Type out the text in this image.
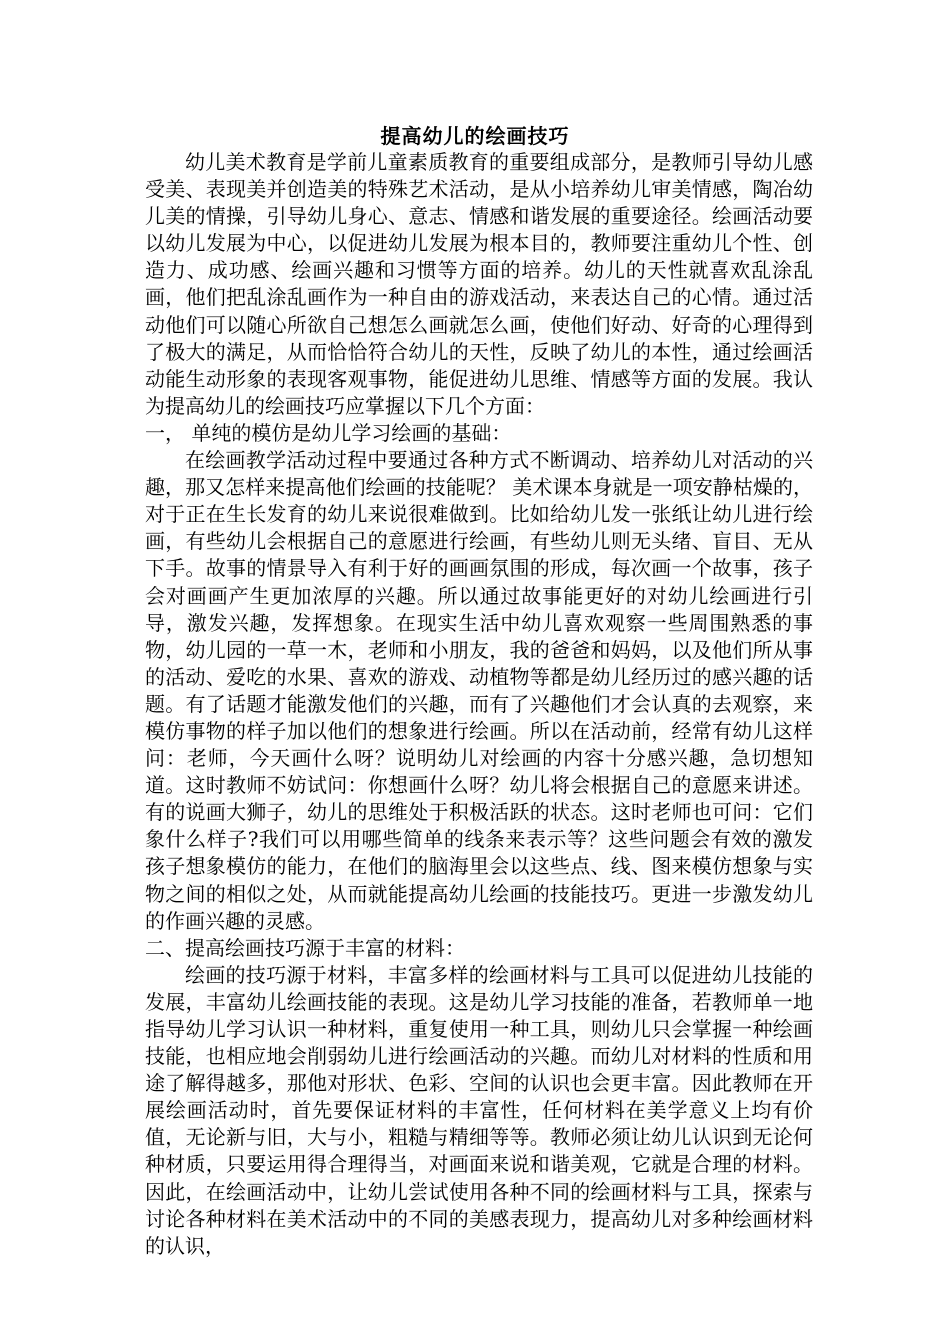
提高幼儿的绘画技巧

幼儿美术教育是学前儿童素质教育的重要组成部分，是教师引导幼儿感受美、表现美并创造美的特殊艺术活动，是从小培养幼儿审美情感，陶冶幼儿美的情操，引导幼儿身心、意志、情感和谐发展的重要途径。绘画活动要以幼儿发展为中心，以促进幼儿发展为根本目的，教师要注重幼儿个性、创造力、成功感、绘画兴趣和习惯等方面的培养。幼儿的天性就喜欢乱涂乱画，他们把乱涂乱画作为一种自由的游戏活动，来表达自己的心情。通过活动他们可以随心所欲自己想怎么画就怎么画，使他们好动、好奇的心理得到了极大的满足，从而恰恰符合幼儿的天性，反映了幼儿的本性，通过绘画活动能生动形象的表现客观事物，能促进幼儿思维、情感等方面的发展。我认为提高幼儿的绘画技巧应掌握以下几个方面：

一， 单纯的模仿是幼儿学习绘画的基础：

在绘画教学活动过程中要通过各种方式不断调动、培养幼儿对活动的兴趣，那又怎样来提高他们绘画的技能呢？ 美术课本身就是一项安静枯燥的，对于正在生长发育的幼儿来说很难做到。比如给幼儿发一张纸让幼儿进行绘画，有些幼儿会根据自己的意愿进行绘画，有些幼儿则无头绪、盲目、无从下手。故事的情景导入有利于好的画画氛围的形成，每次画一个故事，孩子会对画画产生更加浓厚的兴趣。所以通过故事能更好的对幼儿绘画进行引导，激发兴趣，发挥想象。在现实生活中幼儿喜欢观察一些周围熟悉的事物，幼儿园的一草一木，老师和小朋友，我的爸爸和妈妈，以及他们所从事的活动、爱吃的水果、喜欢的游戏、动植物等都是幼儿经历过的感兴趣的话题。有了话题才能激发他们的兴趣，而有了兴趣他们才会认真的去观察，来模仿事物的样子加以他们的想象进行绘画。所以在活动前，经常有幼儿这样问：老师，今天画什么呀？说明幼儿对绘画的内容十分感兴趣，急切想知道。这时教师不妨试问：你想画什么呀？幼儿将会根据自己的意愿来讲述。有的说画大狮子，幼儿的思维处于积极活跃的状态。这时老师也可问：它们象什么样子?我们可以用哪些简单的线条来表示等？这些问题会有效的激发孩子想象模仿的能力，在他们的脑海里会以这些点、线、图来模仿想象与实物之间的相似之处，从而就能提高幼儿绘画的技能技巧。更进一步激发幼儿的作画兴趣的灵感。

二、提高绘画技巧源于丰富的材料：

绘画的技巧源于材料，丰富多样的绘画材料与工具可以促进幼儿技能的发展，丰富幼儿绘画技能的表现。这是幼儿学习技能的准备，若教师单一地指导幼儿学习认识一种材料，重复使用一种工具，则幼儿只会掌握一种绘画技能，也相应地会削弱幼儿进行绘画活动的兴趣。而幼儿对材料的性质和用途了解得越多，那他对形状、色彩、空间的认识也会更丰富。因此教师在开展绘画活动时，首先要保证材料的丰富性，任何材料在美学意义上均有价值，无论新与旧，大与小，粗糙与精细等等。教师必须让幼儿认识到无论何种材质，只要运用得合理得当，对画面来说和谐美观，它就是合理的材料。因此，在绘画活动中，让幼儿尝试使用各种不同的绘画材料与工具，探索与讨论各种材料在美术活动中的不同的美感表现力，提高幼儿对多种绘画材料的认识，
